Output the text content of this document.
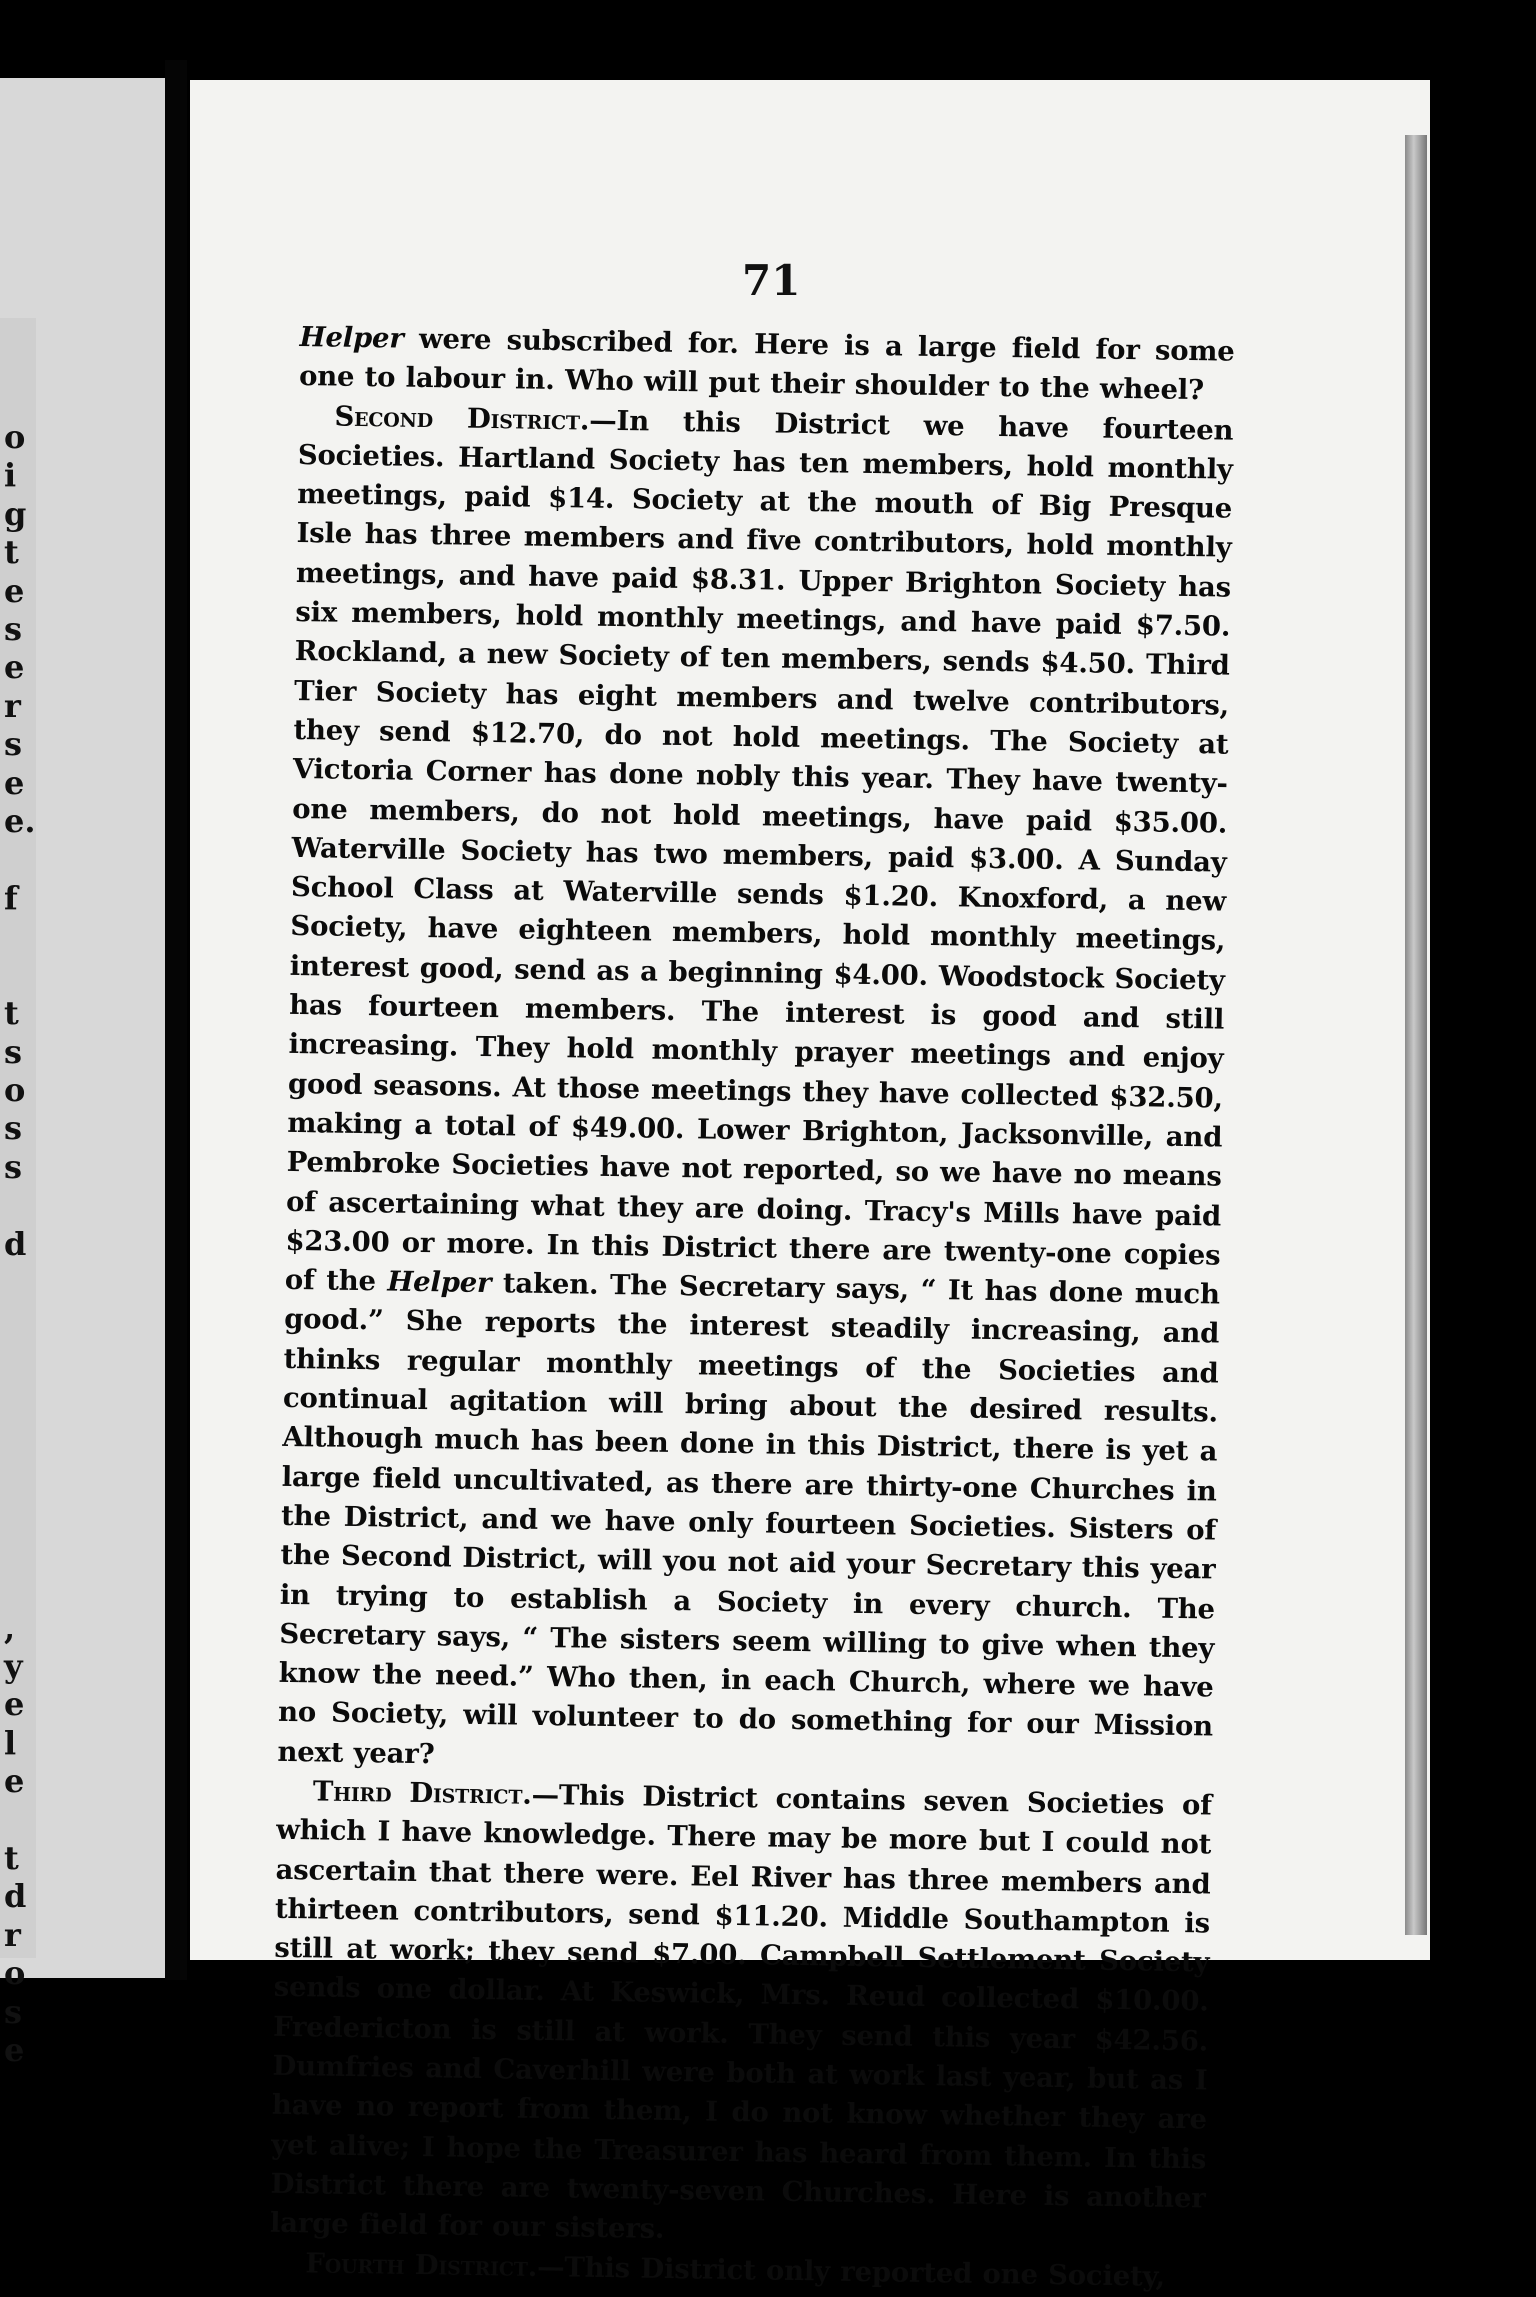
o
i
g
t
e
s
e
r
s
e
e.

f

t
s
o
s
s

d

,
y
e
l
e

t
d
r
o
s
e
71

Helper were subscribed for. Here is a large field for some one to labour in. Who will put their shoulder to the wheel?

Second District.—In this District we have fourteen Societies. Hartland Society has ten members, hold monthly meetings, paid $14. Society at the mouth of Big Presque Isle has three members and five contributors, hold monthly meetings, and have paid $8.31. Upper Brighton Society has six members, hold monthly meetings, and have paid $7.50. Rockland, a new Society of ten members, sends $4.50. Third Tier Society has eight members and twelve contributors, they send $12.70, do not hold meetings. The Society at Victoria Corner has done nobly this year. They have twenty-one members, do not hold meetings, have paid $35.00. Waterville Society has two members, paid $3.00. A Sunday School Class at Waterville sends $1.20. Knoxford, a new Society, have eighteen members, hold monthly meetings, interest good, send as a beginning $4.00. Woodstock Society has fourteen members. The interest is good and still increasing. They hold monthly prayer meetings and enjoy good seasons. At those meetings they have collected $32.50, making a total of $49.00. Lower Brighton, Jacksonville, and Pembroke Societies have not reported, so we have no means of ascertaining what they are doing. Tracy's Mills have paid $23.00 or more. In this District there are twenty-one copies of the Helper taken. The Secretary says, “ It has done much good.” She reports the interest steadily increasing, and thinks regular monthly meetings of the Societies and continual agitation will bring about the desired results. Although much has been done in this District, there is yet a large field uncultivated, as there are thirty-one Churches in the District, and we have only fourteen Societies. Sisters of the Second District, will you not aid your Secretary this year in trying to establish a Society in every church. The Secretary says, “ The sisters seem willing to give when they know the need.” Who then, in each Church, where we have no Society, will volunteer to do something for our Mission next year?

Third District.—This District contains seven Societies of which I have knowledge. There may be more but I could not ascertain that there were. Eel River has three members and thirteen contributors, send $11.20. Middle Southampton is still at work; they send $7.00. Campbell Settlement Society sends one dollar. At Keswick, Mrs. Reud collected $10.00. Fredericton is still at work. They send this year $42.56. Dumfries and Caverhill were both at work last year, but as I have no report from them, I do not know whether they are yet alive; I hope the Treasurer has heard from them. In this District there are twenty-seven Churches. Here is another large field for our sisters.

Fourth District.—This District only reported one Society,
